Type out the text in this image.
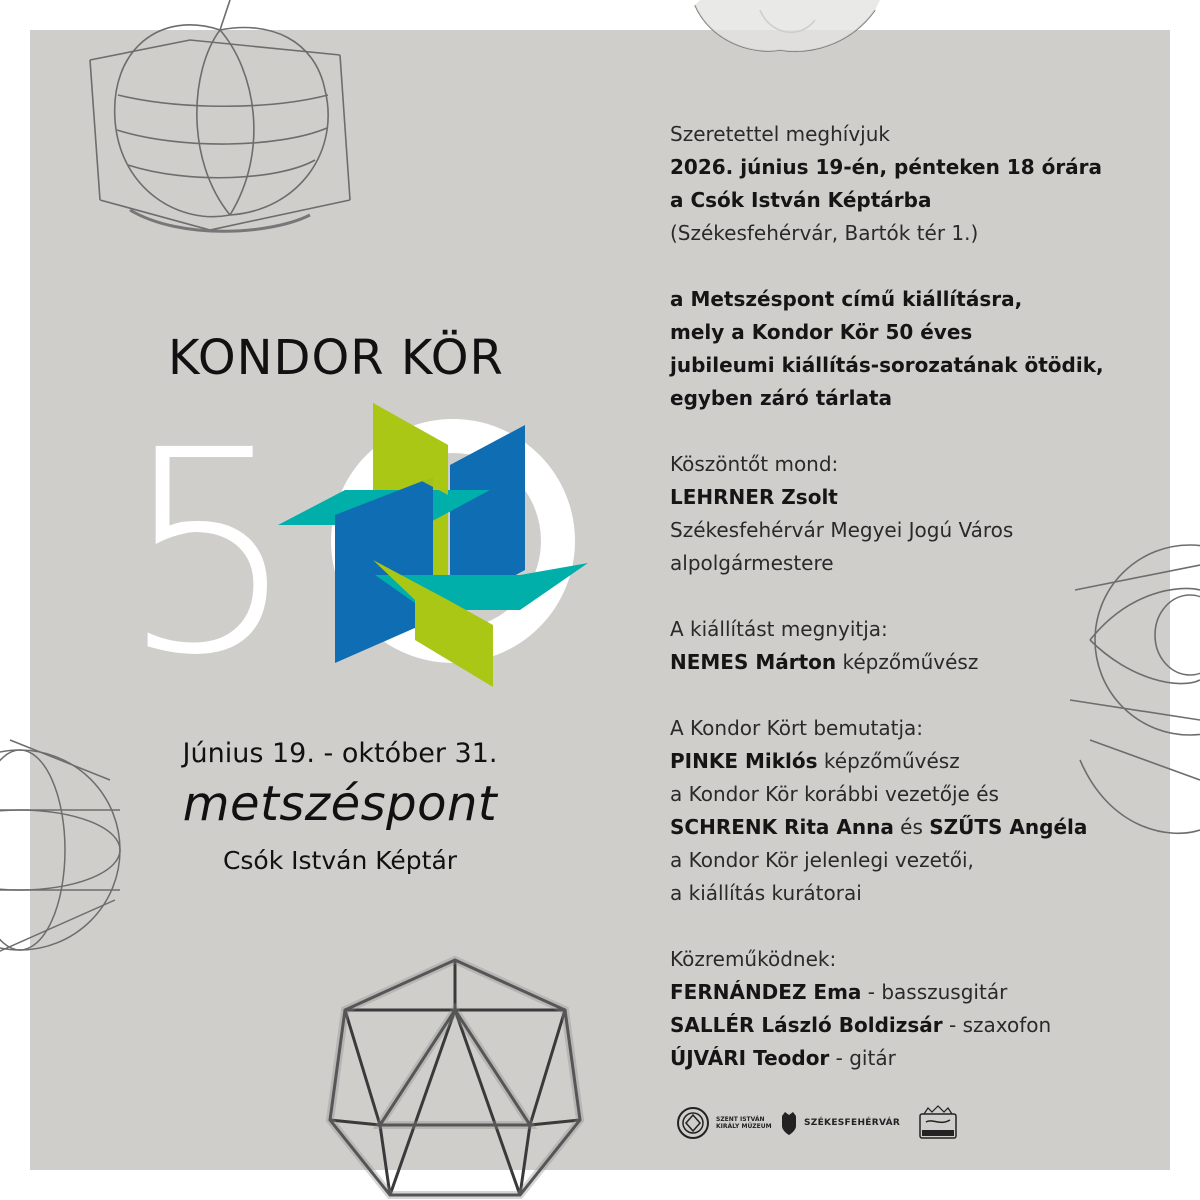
KONDOR KÖR
5
Június 19. - október 31.
metszéspont
Csók István Képtár
Szeretettel meghívjuk
2026. június 19-én, pénteken 18 órára
a Csók István Képtárba
(Székesfehérvár, Bartók tér 1.)
a Metszéspont című kiállításra,
mely a Kondor Kör 50 éves
jubileumi kiállítás-sorozatának ötödik,
egyben záró tárlata
Köszöntőt mond:
LEHRNER Zsolt
Székesfehérvár Megyei Jogú Város
alpolgármestere
A kiállítást megnyitja:
NEMES Márton képzőművész
A Kondor Kört bemutatja:
PINKE Miklós képzőművész
a Kondor Kör korábbi vezetője és
SCHRENK Rita Anna és SZŰTS Angéla
a Kondor Kör jelenlegi vezetői,
a kiállítás kurátorai
Közreműködnek:
FERNÁNDEZ Ema - basszusgitár
SALLÉR László Boldizsár - szaxofon
ÚJVÁRI Teodor - gitár
SZENT ISTVÁN
KIRÁLY MÚZEUM	SZÉKESFEHÉRVÁR
